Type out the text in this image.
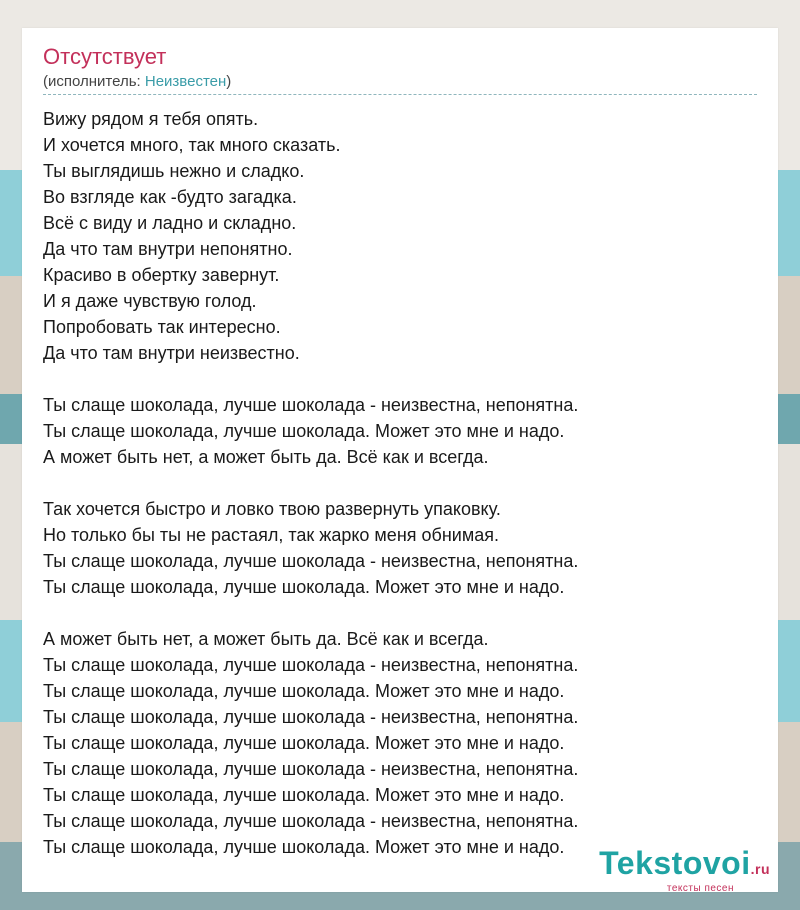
Отсутствует
(исполнитель: Неизвестен)
Вижу рядом я тебя опять.
И хочется много, так много сказать.
Ты выглядишь нежно и сладко.
Во взгляде как -будто загадка.
Всё с виду и ладно и складно.
Да что там внутри непонятно.
Красиво в обертку завернут.
И я даже чувствую голод.
Попробовать так интересно.
Да что там внутри неизвестно.
Ты слаще шоколада, лучше шоколада - неизвестна, непонятна.
Ты слаще шоколада, лучше шоколада. Может это мне и надо.
А может быть нет, а может быть да. Всё как и всегда.
Так хочется быстро и ловко твою развернуть упаковку.
Но только бы ты не растаял, так жарко меня обнимая.
Ты слаще шоколада, лучше шоколада - неизвестна, непонятна.
Ты слаще шоколада, лучше шоколада. Может это мне и надо.
А может быть нет, а может быть да. Всё как и всегда.
Ты слаще шоколада, лучше шоколада - неизвестна, непонятна.
Ты слаще шоколада, лучше шоколада. Может это мне и надо.
Ты слаще шоколада, лучше шоколада - неизвестна, непонятна.
Ты слаще шоколада, лучше шоколада. Может это мне и надо.
Ты слаще шоколада, лучше шоколада - неизвестна, непонятна.
Ты слаще шоколада, лучше шоколада. Может это мне и надо.
Ты слаще шоколада, лучше шоколада - неизвестна, непонятна.
Ты слаще шоколада, лучше шоколада. Может это мне и надо.	Tekstovoi.ru
тексты песен
